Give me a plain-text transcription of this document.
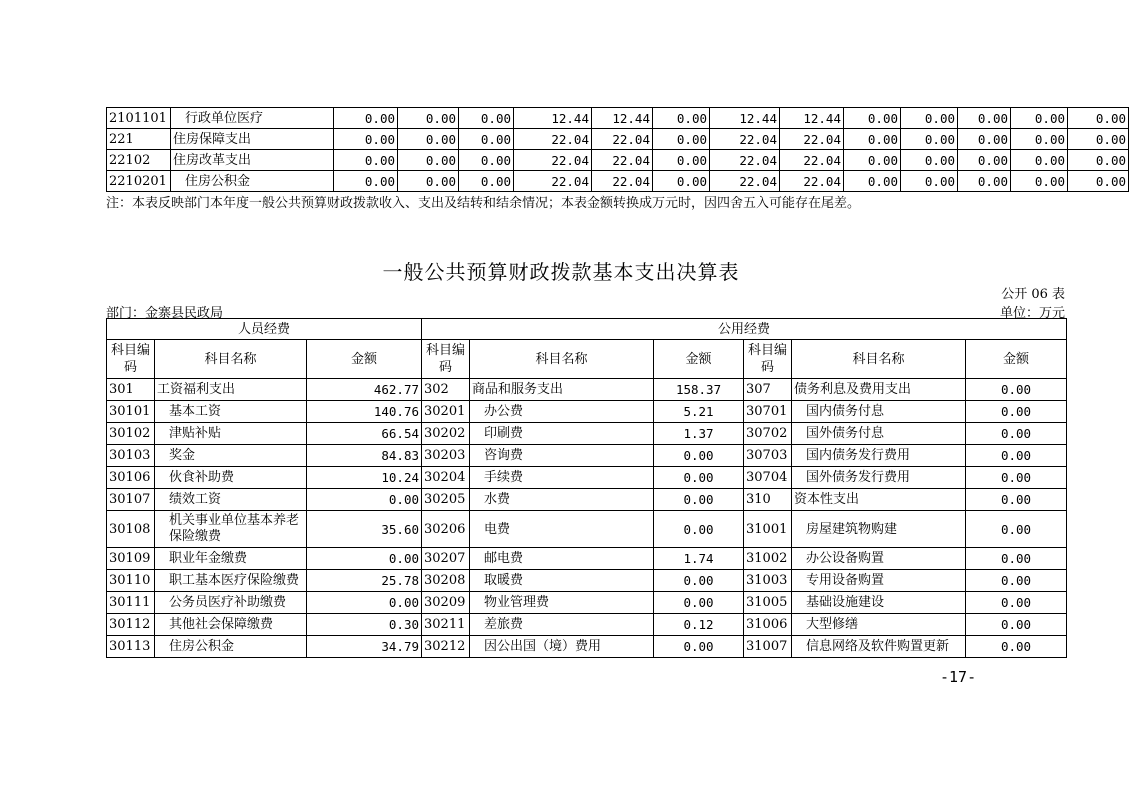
2101101	行政单位医疗	0.00	0.00	0.00	12.44	12.44	0.00	12.44	12.44	0.00	0.00	0.00	0.00	0.00
221	住房保障支出	0.00	0.00	0.00	22.04	22.04	0.00	22.04	22.04	0.00	0.00	0.00	0.00	0.00
22102	住房改革支出	0.00	0.00	0.00	22.04	22.04	0.00	22.04	22.04	0.00	0.00	0.00	0.00	0.00
2210201	住房公积金	0.00	0.00	0.00	22.04	22.04	0.00	22.04	22.04	0.00	0.00	0.00	0.00	0.00
注：本表反映部门本年度一般公共预算财政拨款收入、支出及结转和结余情况；本表金额转换成万元时，因四舍五入可能存在尾差。
一般公共预算财政拨款基本支出决算表
公开 06 表
部门：金寨县民政局	单位：万元
人员经费			公用经费					
科目编码	科目名称	金额	科目编码	科目名称	金额	科目编码	科目名称	金额
301	工资福利支出	462.77	302	商品和服务支出	158.37	307	债务利息及费用支出	0.00
30101	基本工资	140.76	30201	办公费	5.21	30701	国内债务付息	0.00
30102	津贴补贴	66.54	30202	印刷费	1.37	30702	国外债务付息	0.00
30103	奖金	84.83	30203	咨询费	0.00	30703	国内债务发行费用	0.00
30106	伙食补助费	10.24	30204	手续费	0.00	30704	国外债务发行费用	0.00
30107	绩效工资	0.00	30205	水费	0.00	310	资本性支出	0.00
30108	机关事业单位基本养老保险缴费	35.60	30206	电费	0.00	31001	房屋建筑物购建	0.00
30109	职业年金缴费	0.00	30207	邮电费	1.74	31002	办公设备购置	0.00
30110	职工基本医疗保险缴费	25.78	30208	取暖费	0.00	31003	专用设备购置	0.00
30111	公务员医疗补助缴费	0.00	30209	物业管理费	0.00	31005	基础设施建设	0.00
30112	其他社会保障缴费	0.30	30211	差旅费	0.12	31006	大型修缮	0.00
30113	住房公积金	34.79	30212	因公出国（境）费用	0.00	31007	信息网络及软件购置更新	0.00
-17-
